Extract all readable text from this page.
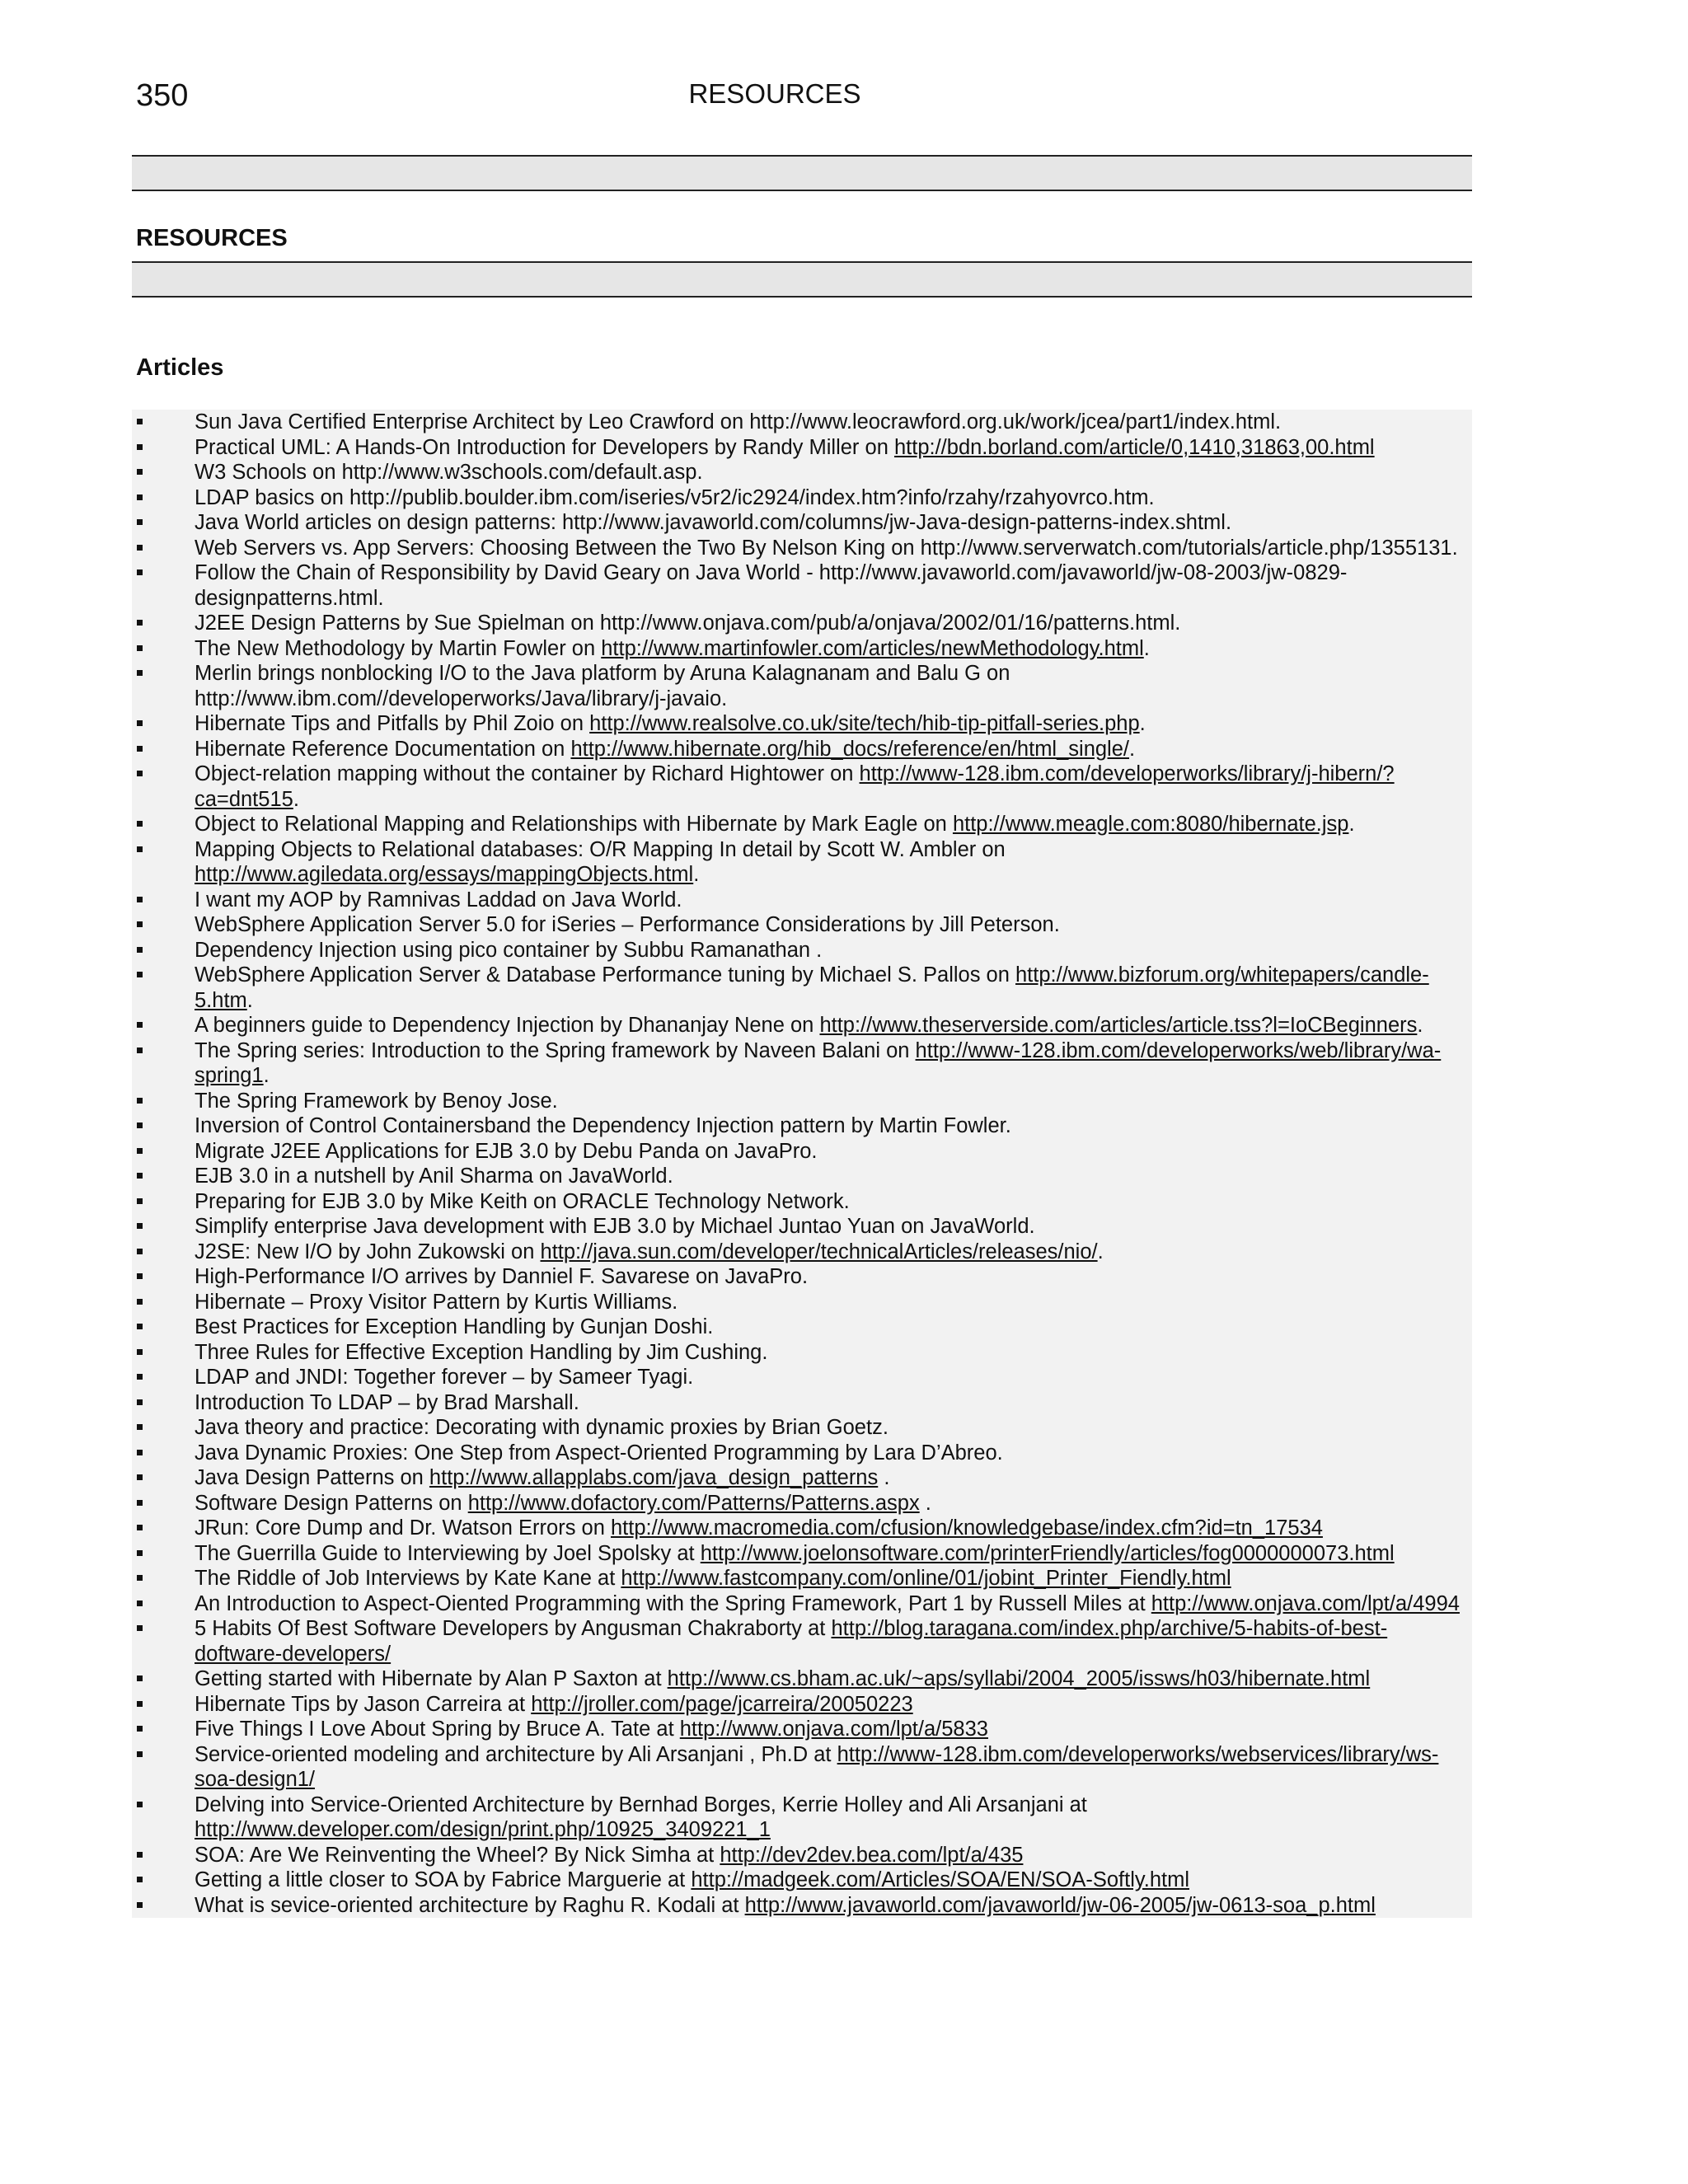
350	RESOURCES
RESOURCES
Articles
Sun Java Certified Enterprise Architect by Leo Crawford on http://www.leocrawford.org.uk/work/jcea/part1/index.html.
Practical UML: A Hands-On Introduction for Developers by Randy Miller on http://bdn.borland.com/article/0,1410,31863,00.html
W3 Schools on http://www.w3schools.com/default.asp.
LDAP basics on http://publib.boulder.ibm.com/iseries/v5r2/ic2924/index.htm?info/rzahy/rzahyovrco.htm.
Java World articles on design patterns: http://www.javaworld.com/columns/jw-Java-design-patterns-index.shtml.
Web Servers vs. App Servers: Choosing Between the Two By Nelson King on http://www.serverwatch.com/tutorials/article.php/1355131.
Follow the Chain of Responsibility by David Geary on Java World - http://www.javaworld.com/javaworld/jw-08-2003/jw-0829-designpatterns.html.
J2EE Design Patterns by Sue Spielman on http://www.onjava.com/pub/a/onjava/2002/01/16/patterns.html.
The New Methodology by Martin Fowler on http://www.martinfowler.com/articles/newMethodology.html.
Merlin brings nonblocking I/O to the Java platform by Aruna Kalagnanam and Balu G on http://www.ibm.com//developerworks/Java/library/j-javaio.
Hibernate Tips and Pitfalls by Phil Zoio on http://www.realsolve.co.uk/site/tech/hib-tip-pitfall-series.php.
Hibernate Reference Documentation on http://www.hibernate.org/hib_docs/reference/en/html_single/.
Object-relation mapping without the container by Richard Hightower on http://www-128.ibm.com/developerworks/library/j-hibern/?ca=dnt515.
Object to Relational Mapping and Relationships with Hibernate by Mark Eagle on http://www.meagle.com:8080/hibernate.jsp.
Mapping Objects to Relational databases: O/R Mapping In detail by Scott W. Ambler on http://www.agiledata.org/essays/mappingObjects.html.
I want my AOP by Ramnivas Laddad on Java World.
WebSphere Application Server 5.0 for iSeries – Performance Considerations by Jill Peterson.
Dependency Injection using pico container by Subbu Ramanathan .
WebSphere Application Server & Database Performance tuning by Michael S. Pallos on http://www.bizforum.org/whitepapers/candle-5.htm.
A beginners guide to Dependency Injection by Dhananjay Nene on http://www.theserverside.com/articles/article.tss?l=IoCBeginners.
The Spring series: Introduction to the Spring framework by Naveen Balani on http://www-128.ibm.com/developerworks/web/library/wa-spring1.
The Spring Framework by Benoy Jose.
Inversion of Control Containersband the Dependency Injection pattern by Martin Fowler.
Migrate J2EE Applications for EJB 3.0 by Debu Panda on JavaPro.
EJB 3.0 in a nutshell by Anil Sharma on JavaWorld.
Preparing for EJB 3.0 by Mike Keith on ORACLE Technology Network.
Simplify enterprise Java development with EJB 3.0 by Michael Juntao Yuan on JavaWorld.
J2SE: New I/O by John Zukowski on http://java.sun.com/developer/technicalArticles/releases/nio/.
High-Performance I/O arrives by Danniel F. Savarese on JavaPro.
Hibernate – Proxy Visitor Pattern by Kurtis Williams.
Best Practices for Exception Handling by Gunjan Doshi.
Three Rules for Effective Exception Handling by Jim Cushing.
LDAP and JNDI: Together forever – by Sameer Tyagi.
Introduction To LDAP – by Brad Marshall.
Java theory and practice: Decorating with dynamic proxies by Brian Goetz.
Java Dynamic Proxies: One Step from Aspect-Oriented Programming by Lara D’Abreo.
Java Design Patterns on http://www.allapplabs.com/java_design_patterns .
Software Design Patterns on http://www.dofactory.com/Patterns/Patterns.aspx .
JRun: Core Dump and Dr. Watson Errors on http://www.macromedia.com/cfusion/knowledgebase/index.cfm?id=tn_17534
The Guerrilla Guide to Interviewing by Joel Spolsky at http://www.joelonsoftware.com/printerFriendly/articles/fog0000000073.html
The Riddle of Job Interviews by Kate Kane at http://www.fastcompany.com/online/01/jobint_Printer_Fiendly.html
An Introduction to Aspect-Oiented Programming with the Spring Framework, Part 1 by Russell Miles at http://www.onjava.com/lpt/a/4994
5 Habits Of Best Software Developers by Angusman Chakraborty at http://blog.taragana.com/index.php/archive/5-habits-of-best-doftware-developers/
Getting started with Hibernate by Alan P Saxton at http://www.cs.bham.ac.uk/~aps/syllabi/2004_2005/issws/h03/hibernate.html
Hibernate Tips by Jason Carreira at http://jroller.com/page/jcarreira/20050223
Five Things I Love About Spring by Bruce A. Tate at http://www.onjava.com/lpt/a/5833
Service-oriented modeling and architecture by Ali Arsanjani , Ph.D at http://www-128.ibm.com/developerworks/webservices/library/ws-soa-design1/
Delving into Service-Oriented Architecture by Bernhad Borges, Kerrie Holley and Ali Arsanjani at http://www.developer.com/design/print.php/10925_3409221_1
SOA: Are We Reinventing the Wheel? By Nick Simha at http://dev2dev.bea.com/lpt/a/435
Getting a little closer to SOA by Fabrice Marguerie at http://madgeek.com/Articles/SOA/EN/SOA-Softly.html
What is sevice-oriented architecture by Raghu R. Kodali at http://www.javaworld.com/javaworld/jw-06-2005/jw-0613-soa_p.html
